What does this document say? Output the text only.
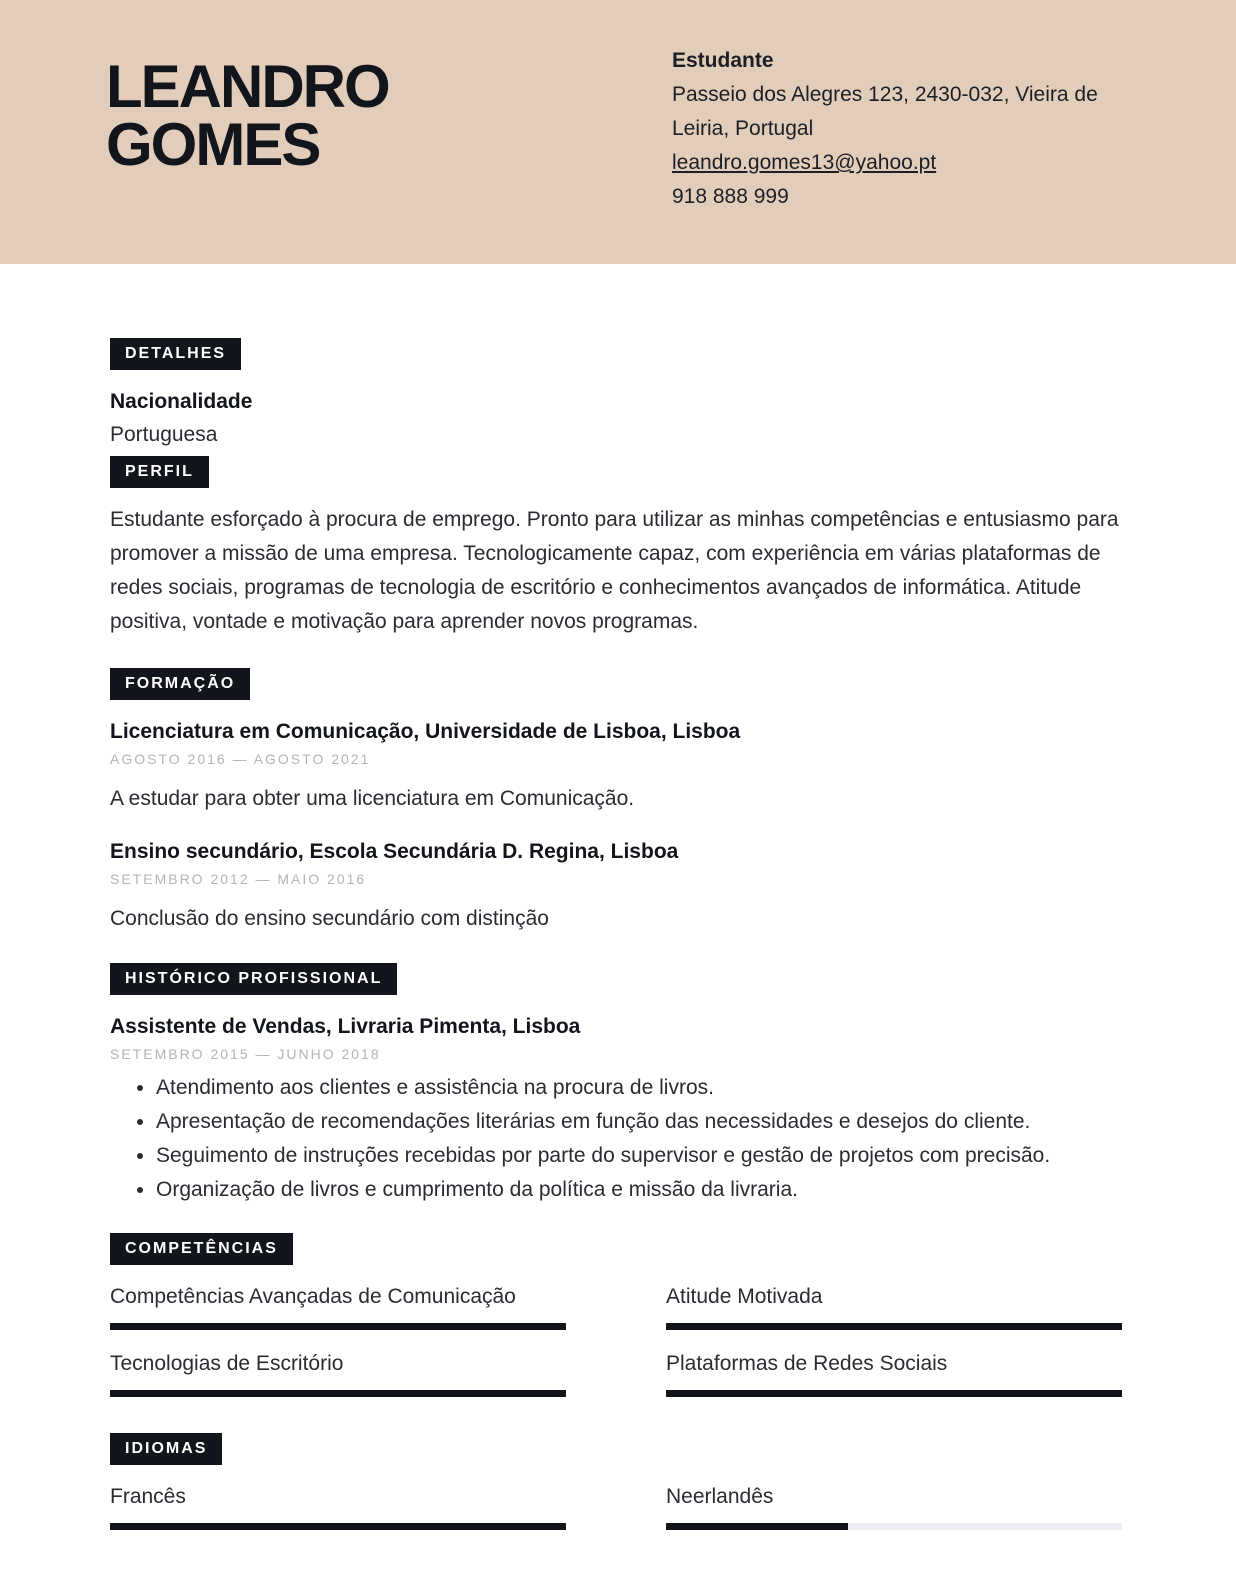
LEANDRO
GOMES
Estudante
Passeio dos Alegres 123, 2430-032, Vieira de
Leiria, Portugal
leandro.gomes13@yahoo.pt
918 888 999
DETALHES
Nacionalidade
Portuguesa
PERFIL
Estudante esforçado à procura de emprego. Pronto para utilizar as minhas competências e entusiasmo para promover a missão de uma empresa. Tecnologicamente capaz, com experiência em várias plataformas de redes sociais, programas de tecnologia de escritório e conhecimentos avançados de informática. Atitude positiva, vontade e motivação para aprender novos programas.
FORMAÇÃO
Licenciatura em Comunicação, Universidade de Lisboa, Lisboa
AGOSTO 2016 — AGOSTO 2021
A estudar para obter uma licenciatura em Comunicação.
Ensino secundário, Escola Secundária D. Regina, Lisboa
SETEMBRO 2012 — MAIO 2016
Conclusão do ensino secundário com distinção
HISTÓRICO PROFISSIONAL
Assistente de Vendas, Livraria Pimenta, Lisboa
SETEMBRO 2015 — JUNHO 2018
• Atendimento aos clientes e assistência na procura de livros.
• Apresentação de recomendações literárias em função das necessidades e desejos do cliente.
• Seguimento de instruções recebidas por parte do supervisor e gestão de projetos com precisão.
• Organização de livros e cumprimento da política e missão da livraria.
COMPETÊNCIAS
Competências Avançadas de Comunicação	Atitude Motivada
Tecnologias de Escritório	Plataformas de Redes Sociais
IDIOMAS
Francês	Neerlandês
